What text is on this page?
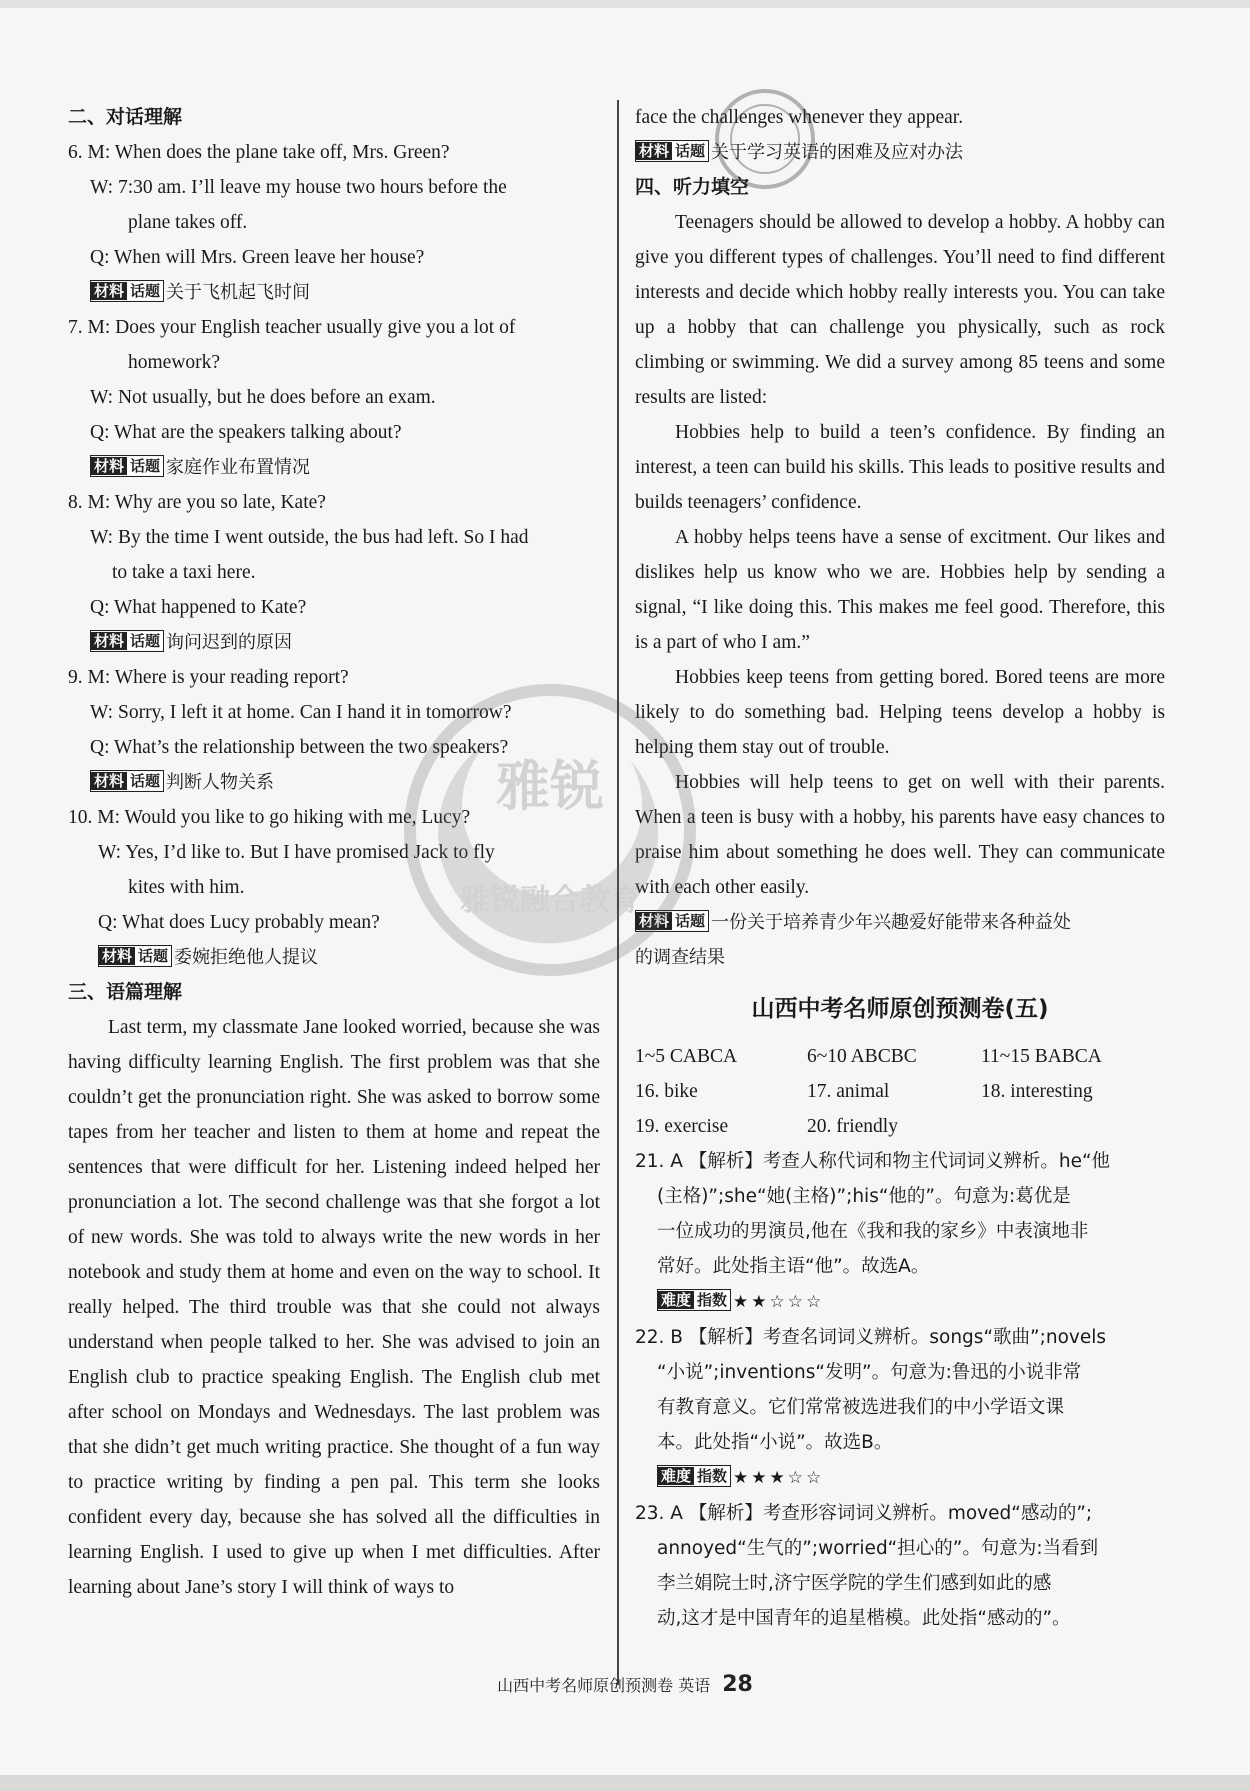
二、对话理解
6. M: When does the plane take off, Mrs. Green?
W: 7:30 am. I’ll leave my house two hours before the
plane takes off.
Q: When will Mrs. Green leave her house?
材料 话题 关于飞机起飞时间
7. M: Does your English teacher usually give you a lot of
homework?
W: Not usually, but he does before an exam.
Q: What are the speakers talking about?
材料 话题 家庭作业布置情况
8. M: Why are you so late, Kate?
W: By the time I went outside, the bus had left. So I had
to take a taxi here.
Q: What happened to Kate?
材料 话题 询问迟到的原因
9. M: Where is your reading report?
W: Sorry, I left it at home. Can I hand it in tomorrow?
Q: What’s the relationship between the two speakers?
材料 话题 判断人物关系
10. M: Would you like to go hiking with me, Lucy?
W: Yes, I’d like to. But I have promised Jack to fly
kites with him.
Q: What does Lucy probably mean?
材料 话题 委婉拒绝他人提议
三、语篇理解

Last term, my classmate Jane looked worried, because she was having difficulty learning English. The first problem was that she couldn’t get the pronunciation right. She was asked to borrow some tapes from her teacher and listen to them at home and repeat the sentences that were difficult for her. Listening indeed helped her pronunciation a lot. The second challenge was that she forgot a lot of new words. She was told to always write the new words in her notebook and study them at home and even on the way to school. It really helped. The third trouble was that she could not always understand when people talked to her. She was advised to join an English club to practice speaking English. The English club met after school on Mondays and Wednesdays. The last problem was that she didn’t get much writing practice. She thought of a fun way to practice writing by finding a pen pal. This term she looks confident every day, because she has solved all the difficulties in learning English. I used to give up when I met difficulties. After learning about Jane’s story I will think of ways to

face the challenges whenever they appear.
材料 话题 关于学习英语的困难及应对办法
四、听力填空

Teenagers should be allowed to develop a hobby. A hobby can give you different types of challenges. You’ll need to find different interests and decide which hobby really interests you. You can take up a hobby that can challenge you physically, such as rock climbing or swimming. We did a survey among 85 teens and some results are listed:

Hobbies help to build a teen’s confidence. By finding an interest, a teen can build his skills. This leads to positive results and builds teenagers’ confidence.

A hobby helps teens have a sense of excitment. Our likes and dislikes help us know who we are. Hobbies help by sending a signal, “I like doing this. This makes me feel good. Therefore, this is a part of who I am.”

Hobbies keep teens from getting bored. Bored teens are more likely to do something bad. Helping teens develop a hobby is helping them stay out of trouble.

Hobbies will help teens to get on well with their parents. When a teen is busy with a hobby, his parents have easy chances to praise him about something he does well. They can communicate with each other easily.

材料 话题 一份关于培养青少年兴趣爱好能带来各种益处
的调查结果
山西中考名师原创预测卷(五)
1~5 CABCA	6~10 ABCBC	11~15 BABCA
16. bike	17. animal	18. interesting
19. exercise	20. friendly
21. A 【解析】考查人称代词和物主代词词义辨析。he“他
(主格)”;she“她(主格)”;his“他的”。句意为:葛优是
一位成功的男演员,他在《我和我的家乡》中表演地非
常好。此处指主语“他”。故选A。
难度 指数 ★★☆☆☆
22. B 【解析】考查名词词义辨析。songs“歌曲”;novels
“小说”;inventions“发明”。句意为:鲁迅的小说非常
有教育意义。它们常常被选进我们的中小学语文课
本。此处指“小说”。故选B。
难度 指数 ★★★☆☆
23. A 【解析】考查形容词词义辨析。moved“感动的”;
annoyed“生气的”;worried“担心的”。句意为:当看到
李兰娟院士时,济宁医学院的学生们感到如此的感
动,这才是中国青年的追星楷模。此处指“感动的”。
雅锐
雅锐融合教育
山西中考名师原创预测卷 英语 28
